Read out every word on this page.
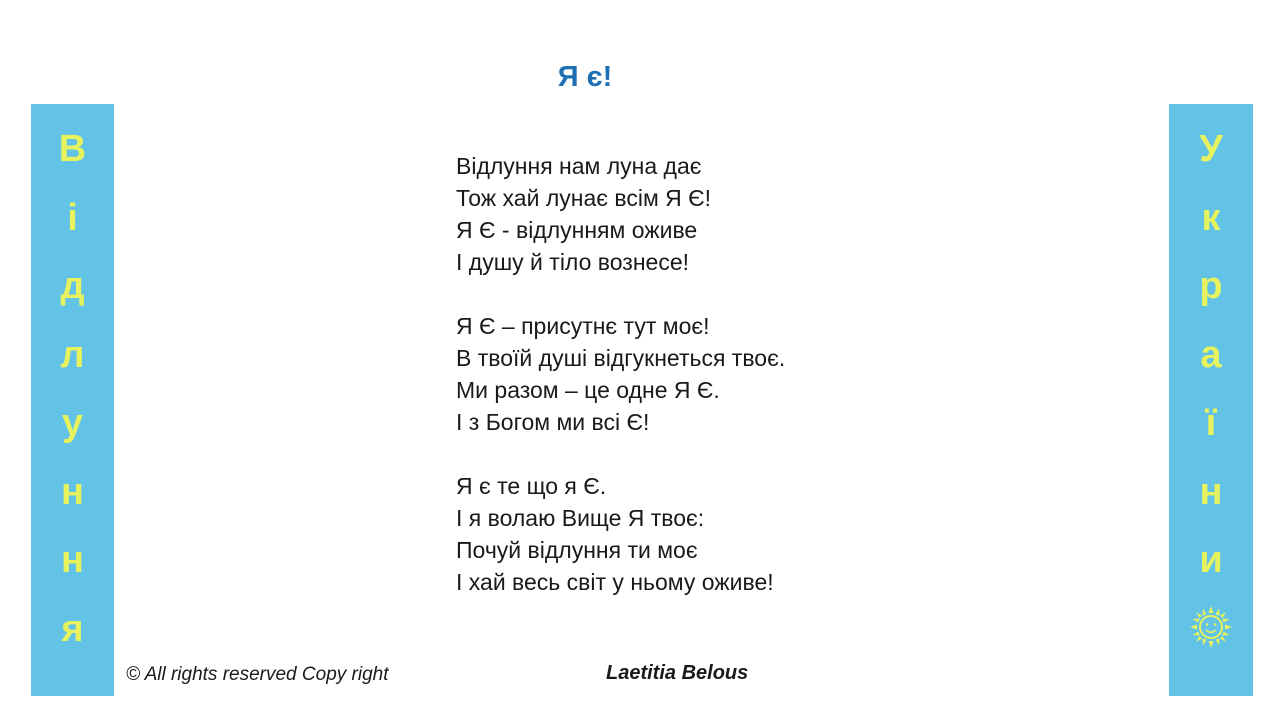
Я є!
В
і
д
л
у
н
н
я
У
к
р
а
ї
н
и
Відлуння нам луна дає
Тож хай лунає всім Я Є!
Я Є - відлунням оживе
І душу й тіло вознесе!
Я Є – присутнє тут моє!
В твоїй душі відгукнеться твоє.
Ми разом – це одне Я Є.
І з Богом ми всі Є!
Я є те що я Є.
І я волаю Вище Я твоє:
Почуй відлуння ти моє
І хай весь світ у ньому оживе!
© All rights reserved Copy right	Laetitia Belous
